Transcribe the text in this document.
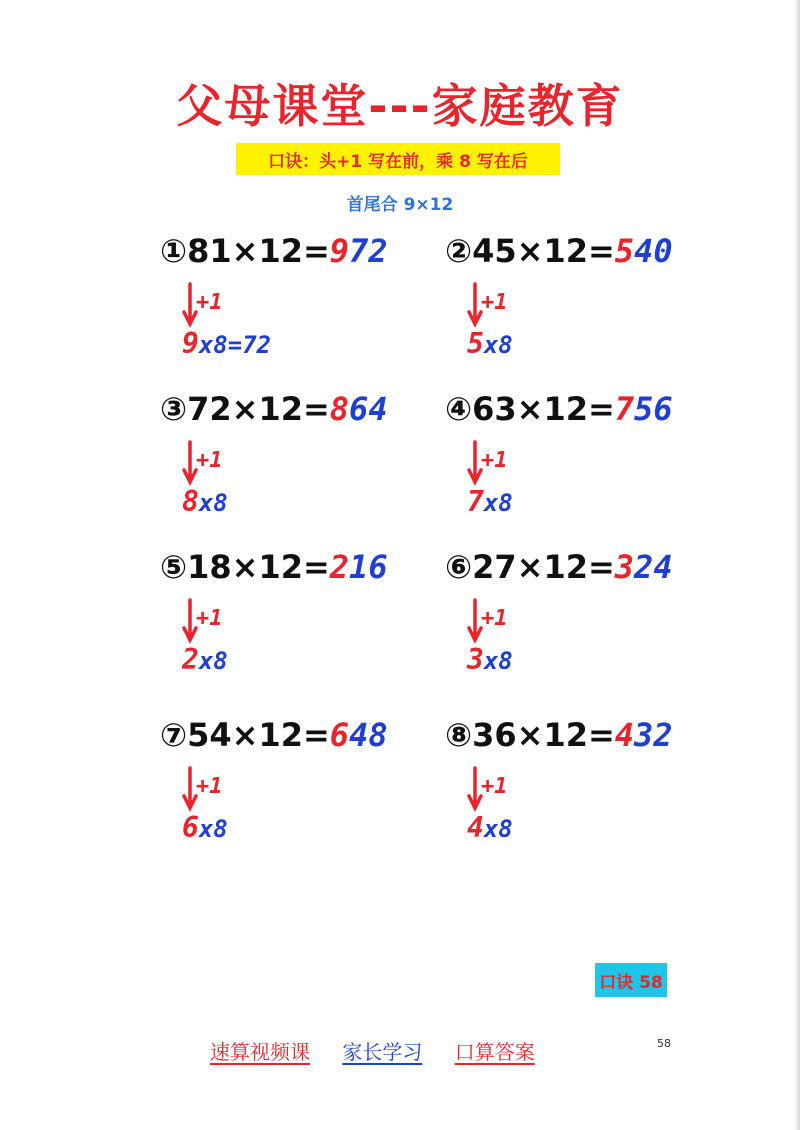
父母课堂---家庭教育
口诀：头+1 写在前，乘 8 写在后
首尾合 9×12
①81×12=972
+1
9x8=72
②45×12=540
+1
5x8
③72×12=864
+1
8x8
④63×12=756
+1
7x8
⑤18×12=216
+1
2x8
⑥27×12=324
+1
3x8
⑦54×12=648
+1
6x8
⑧36×12=432
+1
4x8
口诀 58
速算视频课 家长学习 口算答案	58
